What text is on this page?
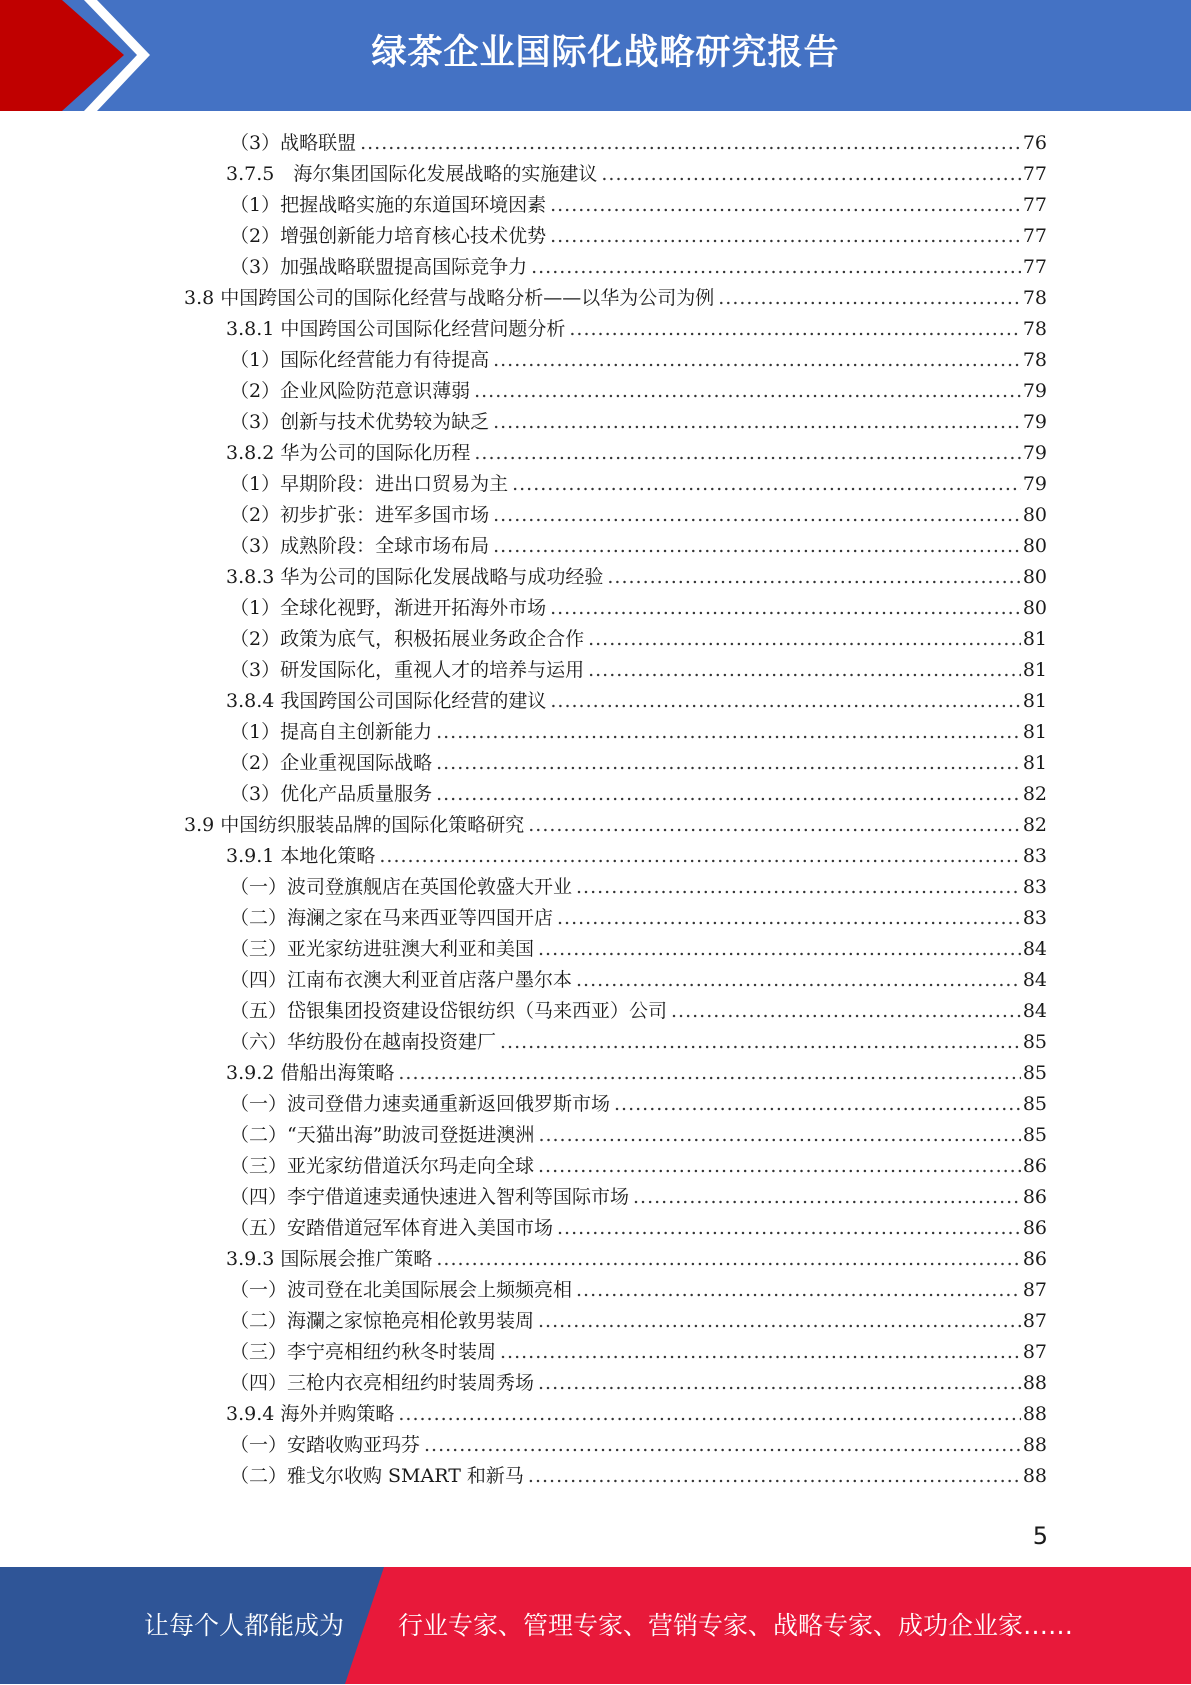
绿茶企业国际化战略研究报告
（3）战略联盟 .....	76
3.7.5　海尔集团国际化发展战略的实施建议 .....	77
（1）把握战略实施的东道国环境因素 .....	77
（2）增强创新能力培育核心技术优势 .....	77
（3）加强战略联盟提高国际竞争力 .....	77
3.8 中国跨国公司的国际化经营与战略分析——以华为公司为例 .....	78
3.8.1 中国跨国公司国际化经营问题分析 .....	78
（1）国际化经营能力有待提高 .....	78
（2）企业风险防范意识薄弱 .....	79
（3）创新与技术优势较为缺乏 .....	79
3.8.2 华为公司的国际化历程 .....	79
（1）早期阶段：进出口贸易为主 .....	79
（2）初步扩张：进军多国市场 .....	80
（3）成熟阶段：全球市场布局 .....	80
3.8.3 华为公司的国际化发展战略与成功经验 .....	80
（1）全球化视野，渐进开拓海外市场 .....	80
（2）政策为底气，积极拓展业务政企合作 .....	81
（3）研发国际化，重视人才的培养与运用 .....	81
3.8.4 我国跨国公司国际化经营的建议 .....	81
（1）提高自主创新能力 .....	81
（2）企业重视国际战略 .....	81
（3）优化产品质量服务 .....	82
3.9 中国纺织服装品牌的国际化策略研究 .....	82
3.9.1 本地化策略 .....	83
（一）波司登旗舰店在英国伦敦盛大开业 .....	83
（二）海澜之家在马来西亚等四国开店 .....	83
（三）亚光家纺进驻澳大利亚和美国 .....	84
（四）江南布衣澳大利亚首店落户墨尔本 .....	84
（五）岱银集团投资建设岱银纺织（马来西亚）公司 .....	84
（六）华纺股份在越南投资建厂 .....	85
3.9.2 借船出海策略 .....	85
（一）波司登借力速卖通重新返回俄罗斯市场 .....	85
（二）“天猫出海”助波司登挺进澳洲 .....	85
（三）亚光家纺借道沃尔玛走向全球 .....	86
（四）李宁借道速卖通快速进入智利等国际市场 .....	86
（五）安踏借道冠军体育进入美国市场 .....	86
3.9.3 国际展会推广策略 .....	86
（一）波司登在北美国际展会上频频亮相 .....	87
（二）海瀾之家惊艳亮相伦敦男装周 .....	87
（三）李宁亮相纽约秋冬时装周 .....	87
（四）三枪内衣亮相纽约时装周秀场 .....	88
3.9.4 海外并购策略 .....	88
（一）安踏收购亚玛芬 .....	88
（二）雅戈尔收购 SMART 和新马 .....	88
5
让每个人都能成为 行业专家、管理专家、营销专家、战略专家、成功企业家……
